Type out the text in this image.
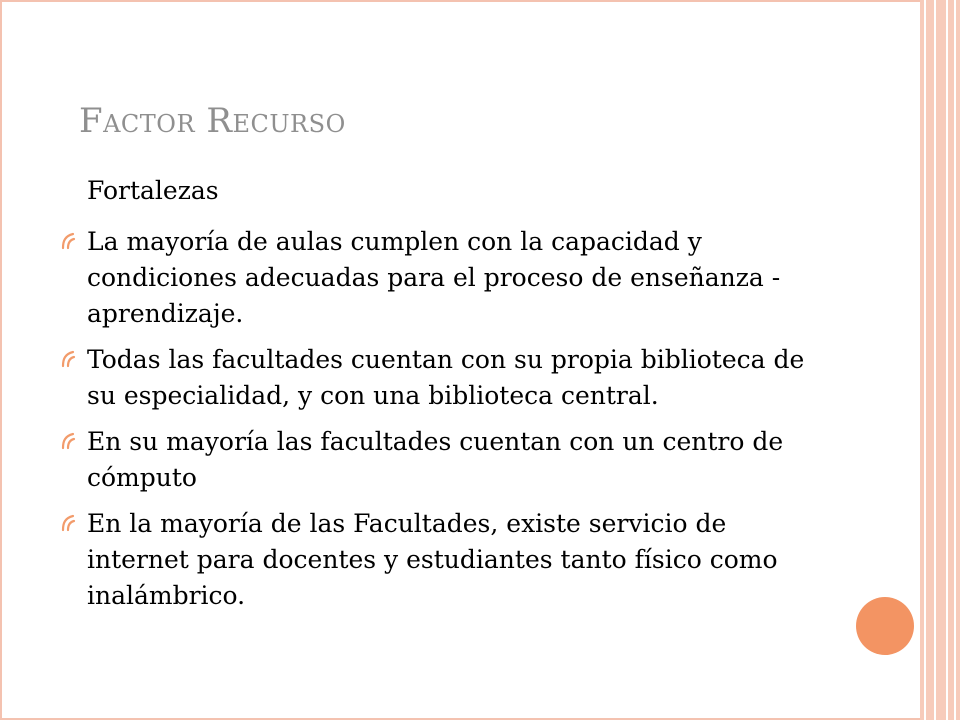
Factor Recurso

Fortalezas

La mayoría de aulas cumplen con la capacidad y condiciones adecuadas para el proceso de enseñanza -aprendizaje.
Todas las facultades cuentan con su propia biblioteca de su especialidad, y con una biblioteca central.
En su mayoría las facultades cuentan con un centro de cómputo
En la mayoría de las Facultades, existe servicio de internet para docentes y estudiantes tanto físico como inalámbrico.
